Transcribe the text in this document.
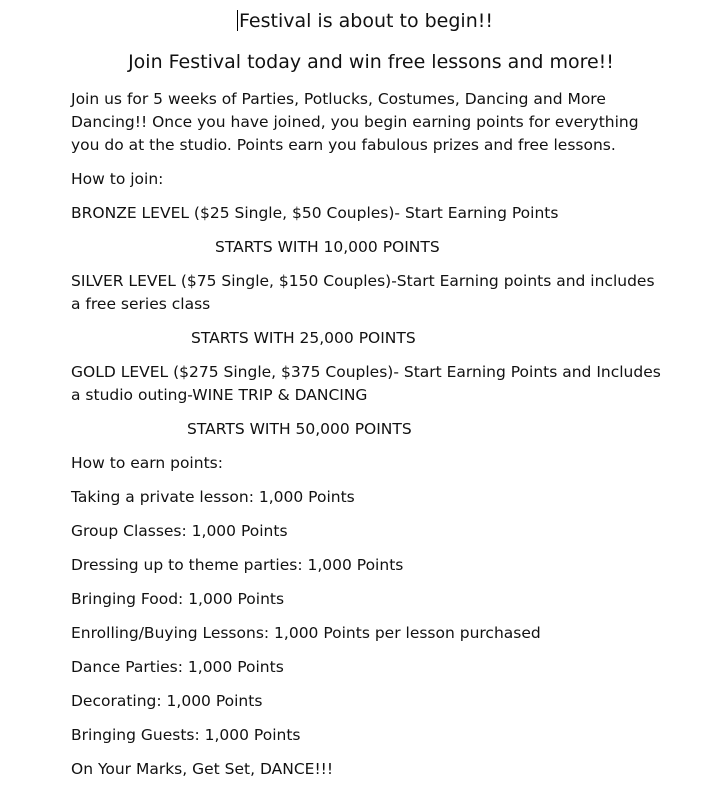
Festival is about to begin!!
Join Festival today and win free lessons and more!!
Join us for 5 weeks of Parties, Potlucks, Costumes, Dancing and More
Dancing!! Once you have joined, you begin earning points for everything
you do at the studio. Points earn you fabulous prizes and free lessons.
How to join:
BRONZE LEVEL ($25 Single, $50 Couples)- Start Earning Points
STARTS WITH 10,000 POINTS
SILVER LEVEL ($75 Single, $150 Couples)-Start Earning points and includes
a free series class
STARTS WITH 25,000 POINTS
GOLD LEVEL ($275 Single, $375 Couples)- Start Earning Points and Includes
a studio outing-WINE TRIP & DANCING
STARTS WITH 50,000 POINTS
How to earn points:
Taking a private lesson: 1,000 Points
Group Classes: 1,000 Points
Dressing up to theme parties: 1,000 Points
Bringing Food: 1,000 Points
Enrolling/Buying Lessons: 1,000 Points per lesson purchased
Dance Parties: 1,000 Points
Decorating: 1,000 Points
Bringing Guests: 1,000 Points
On Your Marks, Get Set, DANCE!!!
